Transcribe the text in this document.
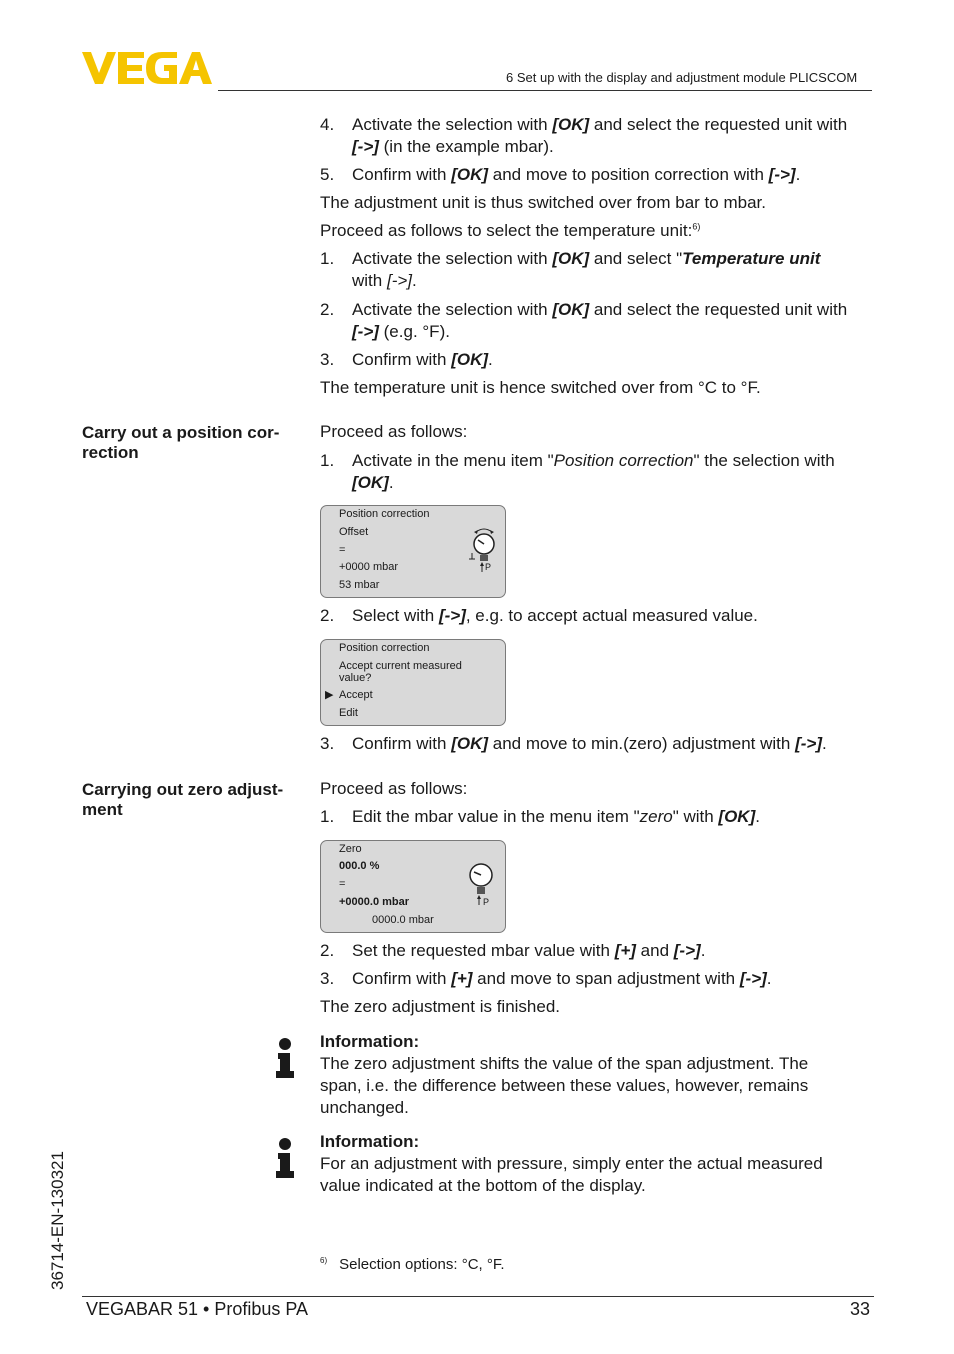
6 Set up with the display and adjustment module PLICSCOM
4. Activate the selection with [OK] and select the requested unit with
[->] (in the example mbar).
5. Confirm with [OK] and move to position correction with [->].
The adjustment unit is thus switched over from bar to mbar.
Proceed as follows to select the temperature unit:$^{6)}$
1. Activate the selection with [OK] and select "Temperature unit
with [->].
2. Activate the selection with [OK] and select the requested unit with
[->] (e.g. °F).
3. Confirm with [OK].
The temperature unit is hence switched over from °C to °F.
Carry out a position cor-
rection
Proceed as follows:
1. Activate in the menu item "Position correction" the selection with
[OK].
Position correction
Offset
=
+0000 mbar
53 mbar
P
2. Select with [->], e.g. to accept actual measured value.
Position correction
Accept current measured
value?
▶ Accept
Edit
3. Confirm with [OK] and move to min.(zero) adjustment with [->].
Carrying out zero adjust-
ment
Proceed as follows:
1. Edit the mbar value in the menu item "zero" with [OK].
Zero
000.0 %
=
+0000.0 mbar
0000.0 mbar
P
2. Set the requested mbar value with [+] and [->].
3. Confirm with [+] and move to span adjustment with [->].
The zero adjustment is finished.
Information:
The zero adjustment shifts the value of the span adjustment. The
span, i.e. the difference between these values, however, remains
unchanged.
Information:
For an adjustment with pressure, simply enter the actual measured
value indicated at the bottom of the display.
$^{6)}$ Selection options: °C, °F.
36714-EN-130321
VEGABAR 51 • Profibus PA	33
